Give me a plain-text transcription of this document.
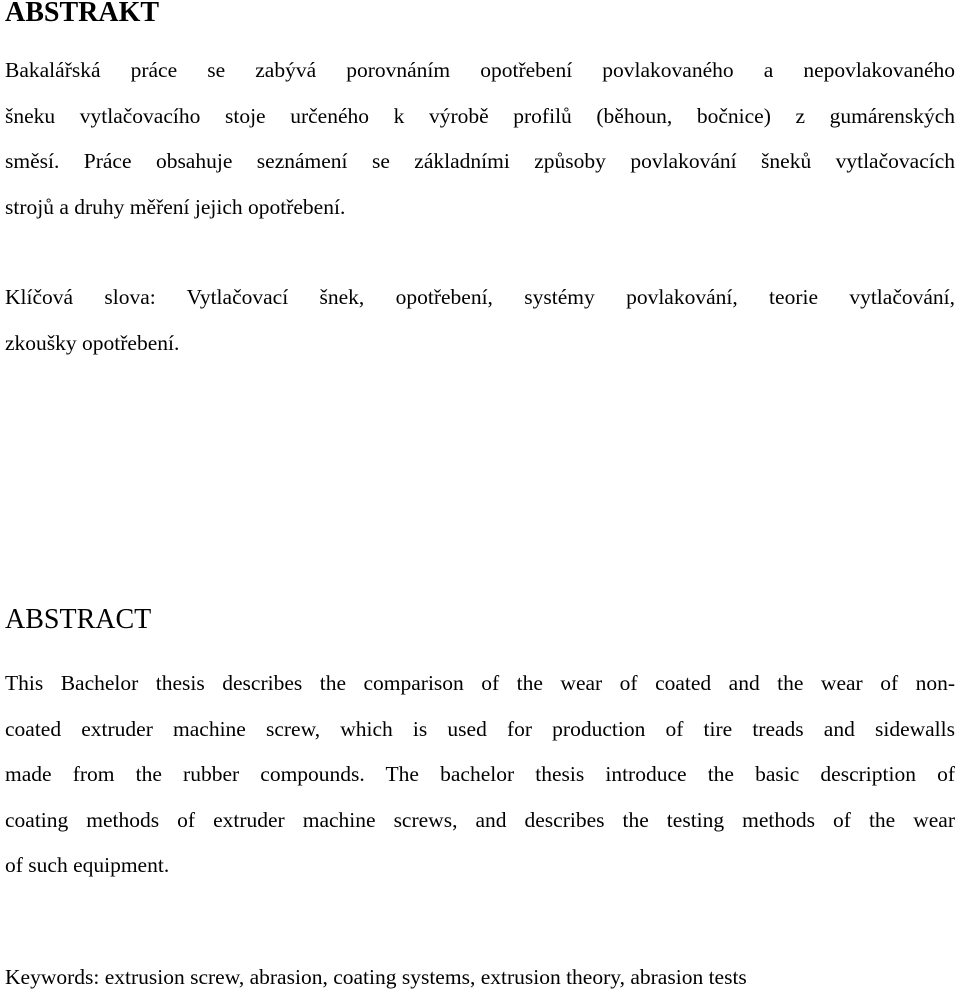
ABSTRAKT
Bakalářská práce se zabývá porovnáním opotřebení povlakovaného a nepovlakovaného
šneku vytlačovacího stoje určeného k výrobě profilů (běhoun, bočnice) z gumárenských
směsí. Práce obsahuje seznámení se základními způsoby povlakování šneků vytlačovacích
strojů a druhy měření jejich opotřebení.
Klíčová slova: Vytlačovací šnek, opotřebení, systémy povlakování, teorie vytlačování,
zkoušky opotřebení.
ABSTRACT
This Bachelor thesis describes the comparison of the wear of coated and the wear of non-
coated extruder machine screw, which is used for production of tire treads and sidewalls
made from the rubber compounds. The bachelor thesis introduce the basic description of
coating methods of extruder machine screws, and describes the testing methods of the wear
of such equipment.
Keywords: extrusion screw, abrasion, coating systems, extrusion theory, abrasion tests
